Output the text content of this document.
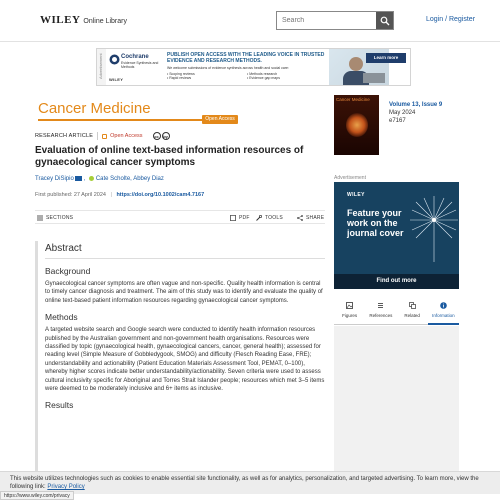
WILEY Online Library
Search	Login / Register
Advertisement	Cochrane
Evidence Synthesis and Methods
WILEY
PUBLISH OPEN ACCESS WITH THE LEADING VOICE IN TRUSTED EVIDENCE AND RESEARCH METHODS.
We welcome submissions of evidence synthesis across health and social care:
• Scoping reviews	• Methods research
• Rapid reviews	• Evidence gap maps
Learn more
Cancer Medicine
Open Access
RESEARCH ARTICLE	Open Access	cc	by
Evaluation of online text-based information resources of gynaecological cancer symptoms
Tracey DiSipio ,  Cate Scholte, Abbey Diaz
First published: 27 April 2024 | https://doi.org/10.1002/cam4.7167
SECTIONS	PDF	TOOLS	SHARE
Abstract
Background

Gynaecological cancer symptoms are often vague and non-specific. Quality health information is central to timely cancer diagnosis and treatment. The aim of this study was to identify and evaluate the quality of online text-based patient information resources regarding gynaecological cancer symptoms.

Methods

A targeted website search and Google search were conducted to identify health information resources published by the Australian government and non-government health organisations. Resources were classified by topic (gynaecological health, gynaecological cancers, cancer, general health); assessed for reading level (Simple Measure of Gobbledygook, SMOG) and difficulty (Flesch Reading Ease, FRE); understandability and actionability (Patient Education Materials Assessment Tool, PEMAT, 0–100), whereby higher scores indicate better understandability/actionability. Seven criteria were used to assess cultural inclusivity specific for Aboriginal and Torres Strait Islander people; resources which met 3–5 items were deemed to be moderately inclusive and 6+ items as inclusive.

Results
Cancer Medicine
Volume 13, Issue 9
May 2024
e7167
Advertisement
WILEY
Feature your work on the journal cover
Find out more
Figures	References	Related	Information

This website utilizes technologies such as cookies to enable essential site functionality, as well as for analytics, personalization, and targeted advertising. To learn more, view the following link: Privacy Policy

https://www.wiley.com/privacy
